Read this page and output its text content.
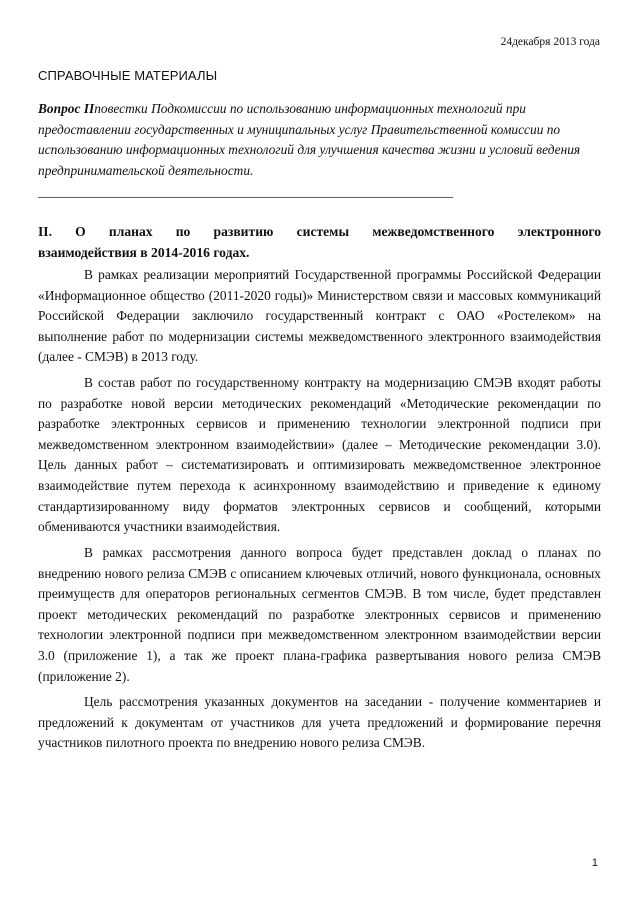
24декабря 2013 года
СПРАВОЧНЫЕ МАТЕРИАЛЫ
Вопрос IIповестки Подкомиссии по использованию информационных технологий при предоставлении государственных и муниципальных услуг Правительственной комиссии по использованию информационных технологий для улучшения качества жизни и условий ведения предпринимательской деятельности.
______________________________________________________________
II. О планах по развитию системы межведомственного электронного
взаимодействия в 2014-2016 годах.

В рамках реализации мероприятий Государственной программы Российской Федерации «Информационное общество (2011-2020 годы)» Министерством связи и массовых коммуникаций Российской Федерации заключило государственный контракт с ОАО «Ростелеком» на выполнение работ по модернизации системы межведомственного электронного взаимодействия (далее - СМЭВ) в 2013 году.

В состав работ по государственному контракту на модернизацию СМЭВ входят работы по разработке новой версии методических рекомендаций «Методические рекомендации по разработке электронных сервисов и применению технологии электронной подписи при межведомственном электронном взаимодействии» (далее – Методические рекомендации 3.0). Цель данных работ – систематизировать и оптимизировать межведомственное электронное взаимодействие путем перехода к асинхронному взаимодействию и приведение к единому стандартизированному виду форматов электронных сервисов и сообщений, которыми обмениваются участники взаимодействия.

В рамках рассмотрения данного вопроса будет представлен доклад о планах по внедрению нового релиза СМЭВ с описанием ключевых отличий, нового функционала, основных преимуществ для операторов региональных сегментов СМЭВ. В том числе, будет представлен проект методических рекомендаций по разработке электронных сервисов и применению технологии электронной подписи при межведомственном электронном взаимодействии версии 3.0 (приложение 1), а так же проект плана-графика развертывания нового релиза СМЭВ (приложение 2).

Цель рассмотрения указанных документов на заседании - получение комментариев и предложений к документам от участников для учета предложений и формирование перечня участников пилотного проекта по внедрению нового релиза СМЭВ.

1
